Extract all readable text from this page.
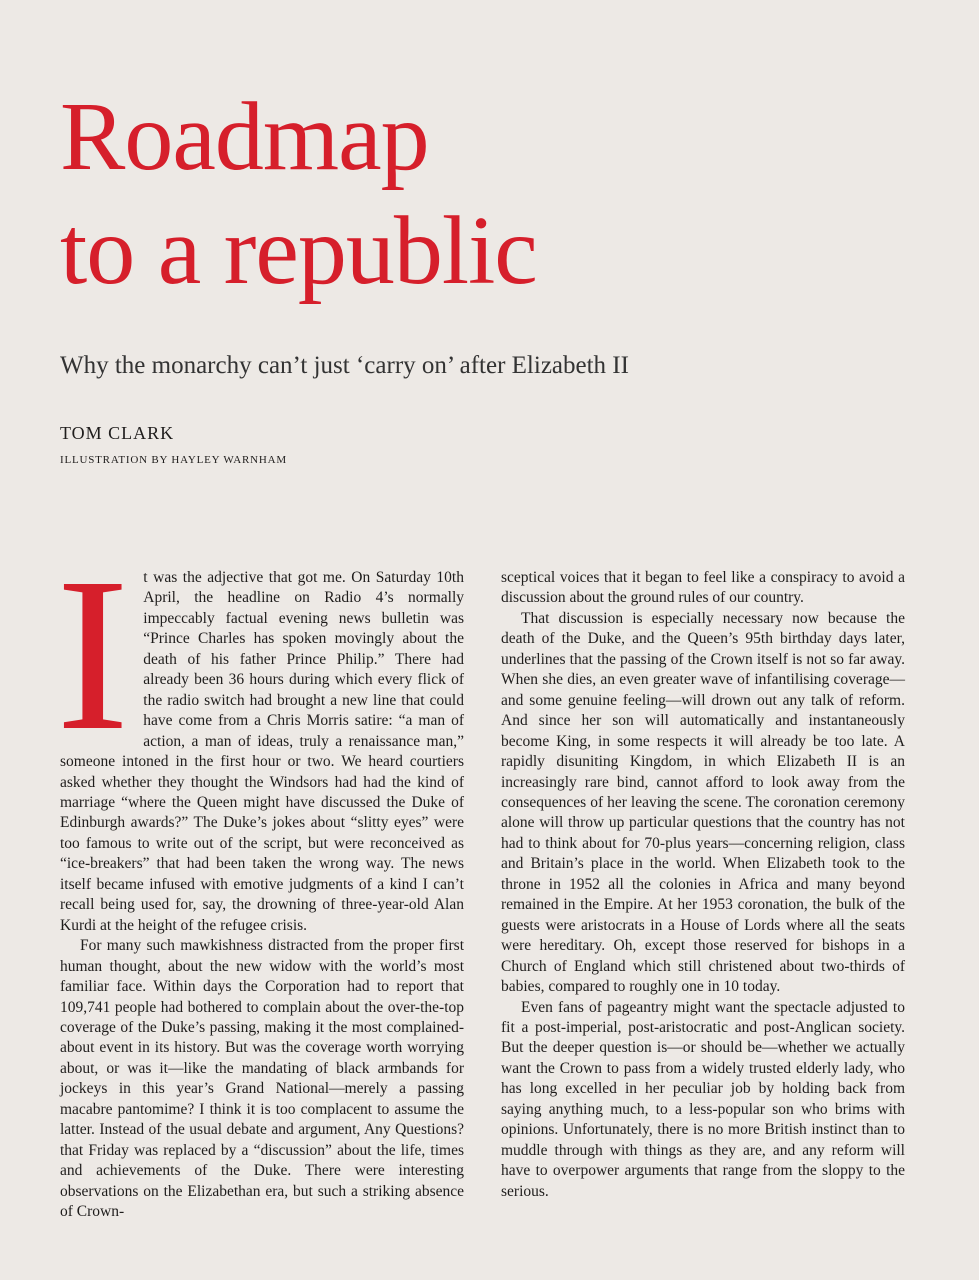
Roadmap
to a republic

Why the monarchy can’t just ‘carry on’ after Elizabeth II

TOM CLARK

ILLUSTRATION BY HAYLEY WARNHAM

I t was the adjective that got me. On Saturday 10th April, the headline on Radio 4’s normally impeccably factual evening news bulletin was “Prince Charles has spoken movingly about the death of his father Prince Philip.” There had already been 36 hours during which every flick of the radio switch had brought a new line that could have come from a Chris Morris satire: “a man of action, a man of ideas, truly a renaissance man,” someone intoned in the first hour or two. We heard courtiers asked whether they thought the Windsors had had the kind of marriage “where the Queen might have discussed the Duke of Edinburgh awards?” The Duke’s jokes about “slitty eyes” were too famous to write out of the script, but were reconceived as “ice-breakers” that had been taken the wrong way. The news itself became infused with emotive judgments of a kind I can’t recall being used for, say, the drowning of three-year-old Alan Kurdi at the height of the refugee crisis.

For many such mawkishness distracted from the proper first human thought, about the new widow with the world’s most familiar face. Within days the Corporation had to report that 109,741 people had bothered to complain about the over-the-top coverage of the Duke’s passing, making it the most complained-about event in its history. But was the coverage worth worrying about, or was it—like the mandating of black armbands for jockeys in this year’s Grand National—merely a passing macabre pantomime? I think it is too complacent to assume the latter. Instead of the usual debate and argument, Any Questions? that Friday was replaced by a “discussion” about the life, times and achievements of the Duke. There were interesting observations on the Elizabethan era, but such a striking absence of Crown-

sceptical voices that it began to feel like a conspiracy to avoid a discussion about the ground rules of our country.

That discussion is especially necessary now because the death of the Duke, and the Queen’s 95th birthday days later, underlines that the passing of the Crown itself is not so far away. When she dies, an even greater wave of infantilising coverage—and some genuine feeling—will drown out any talk of reform. And since her son will automatically and instantaneously become King, in some respects it will already be too late. A rapidly disuniting Kingdom, in which Elizabeth II is an increasingly rare bind, cannot afford to look away from the consequences of her leaving the scene. The coronation ceremony alone will throw up particular questions that the country has not had to think about for 70-plus years—concerning religion, class and Britain’s place in the world. When Elizabeth took to the throne in 1952 all the colonies in Africa and many beyond remained in the Empire. At her 1953 coronation, the bulk of the guests were aristocrats in a House of Lords where all the seats were hereditary. Oh, except those reserved for bishops in a Church of England which still christened about two-thirds of babies, compared to roughly one in 10 today.

Even fans of pageantry might want the spectacle adjusted to fit a post-imperial, post-aristocratic and post-Anglican society. But the deeper question is—or should be—whether we actually want the Crown to pass from a widely trusted elderly lady, who has long excelled in her peculiar job by holding back from saying anything much, to a less-popular son who brims with opinions. Unfortunately, there is no more British instinct than to muddle through with things as they are, and any reform will have to overpower arguments that range from the sloppy to the serious.
